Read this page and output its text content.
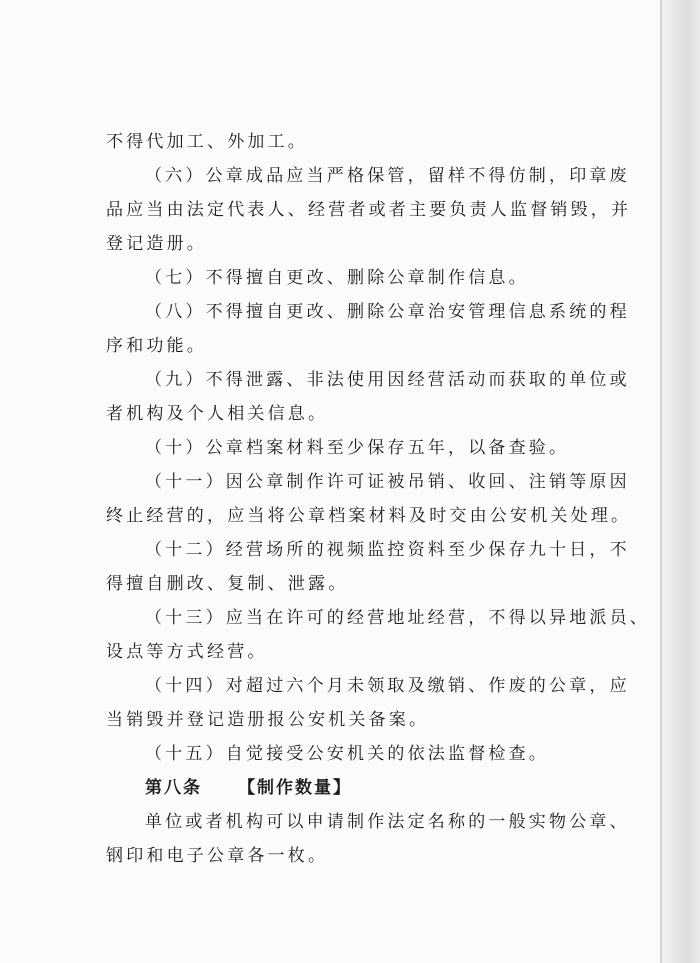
不得代加工、外加工。
（六）公章成品应当严格保管，留样不得仿制，印章废
品应当由法定代表人、经营者或者主要负责人监督销毁，并
登记造册。
（七）不得擅自更改、删除公章制作信息。
（八）不得擅自更改、删除公章治安管理信息系统的程
序和功能。
（九）不得泄露、非法使用因经营活动而获取的单位或
者机构及个人相关信息。
（十）公章档案材料至少保存五年，以备查验。
（十一）因公章制作许可证被吊销、收回、注销等原因
终止经营的，应当将公章档案材料及时交由公安机关处理。
（十二）经营场所的视频监控资料至少保存九十日，不
得擅自删改、复制、泄露。
（十三）应当在许可的经营地址经营，不得以异地派员、
设点等方式经营。
（十四）对超过六个月未领取及缴销、作废的公章，应
当销毁并登记造册报公安机关备案。
（十五）自觉接受公安机关的依法监督检查。
第八条 【制作数量】
单位或者机构可以申请制作法定名称的一般实物公章、
钢印和电子公章各一枚。
